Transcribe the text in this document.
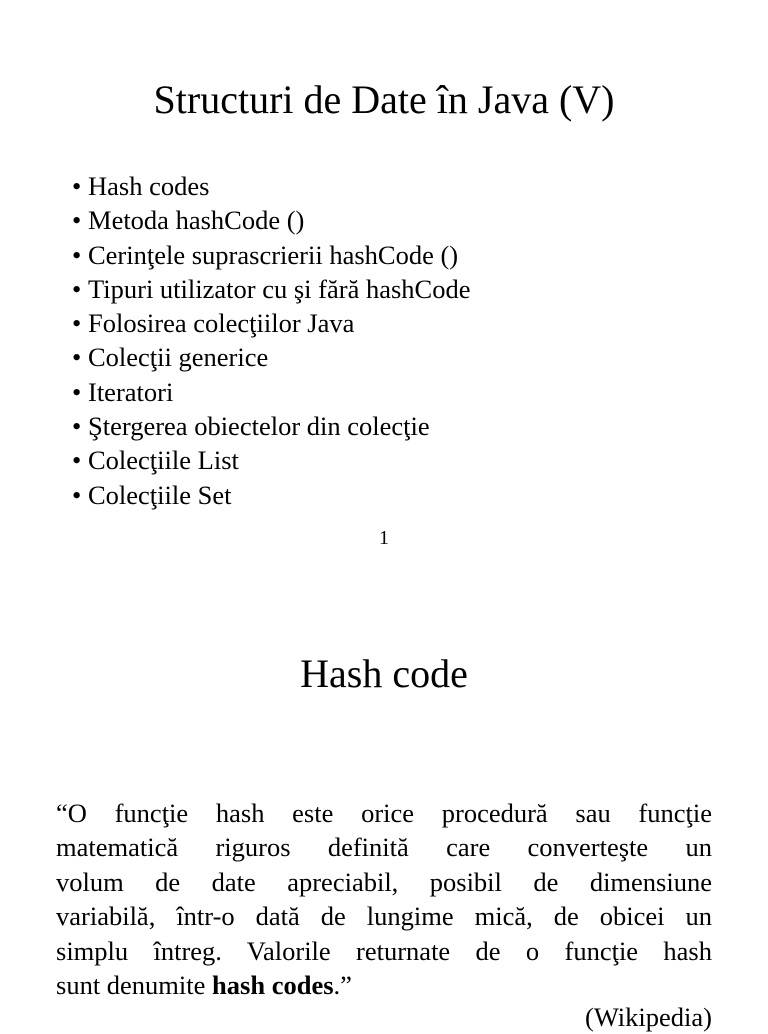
Structuri de Date în Java (V)
• Hash codes
• Metoda hashCode ()
• Cerinţele suprascrierii hashCode ()
• Tipuri utilizator cu şi fără hashCode
• Folosirea colecţiilor Java
• Colecţii generice
• Iteratori
• Ştergerea obiectelor din colecţie
• Colecţiile List
• Colecţiile Set
1
Hash code

“O funcţie hash este orice procedură sau funcţie
matematică riguros definită care converteşte un
volum de date apreciabil, posibil de dimensiune
variabilă, într-o dată de lungime mică, de obicei un
simplu întreg. Valorile returnate de o funcţie hash
sunt denumite hash codes.”

(Wikipedia)
